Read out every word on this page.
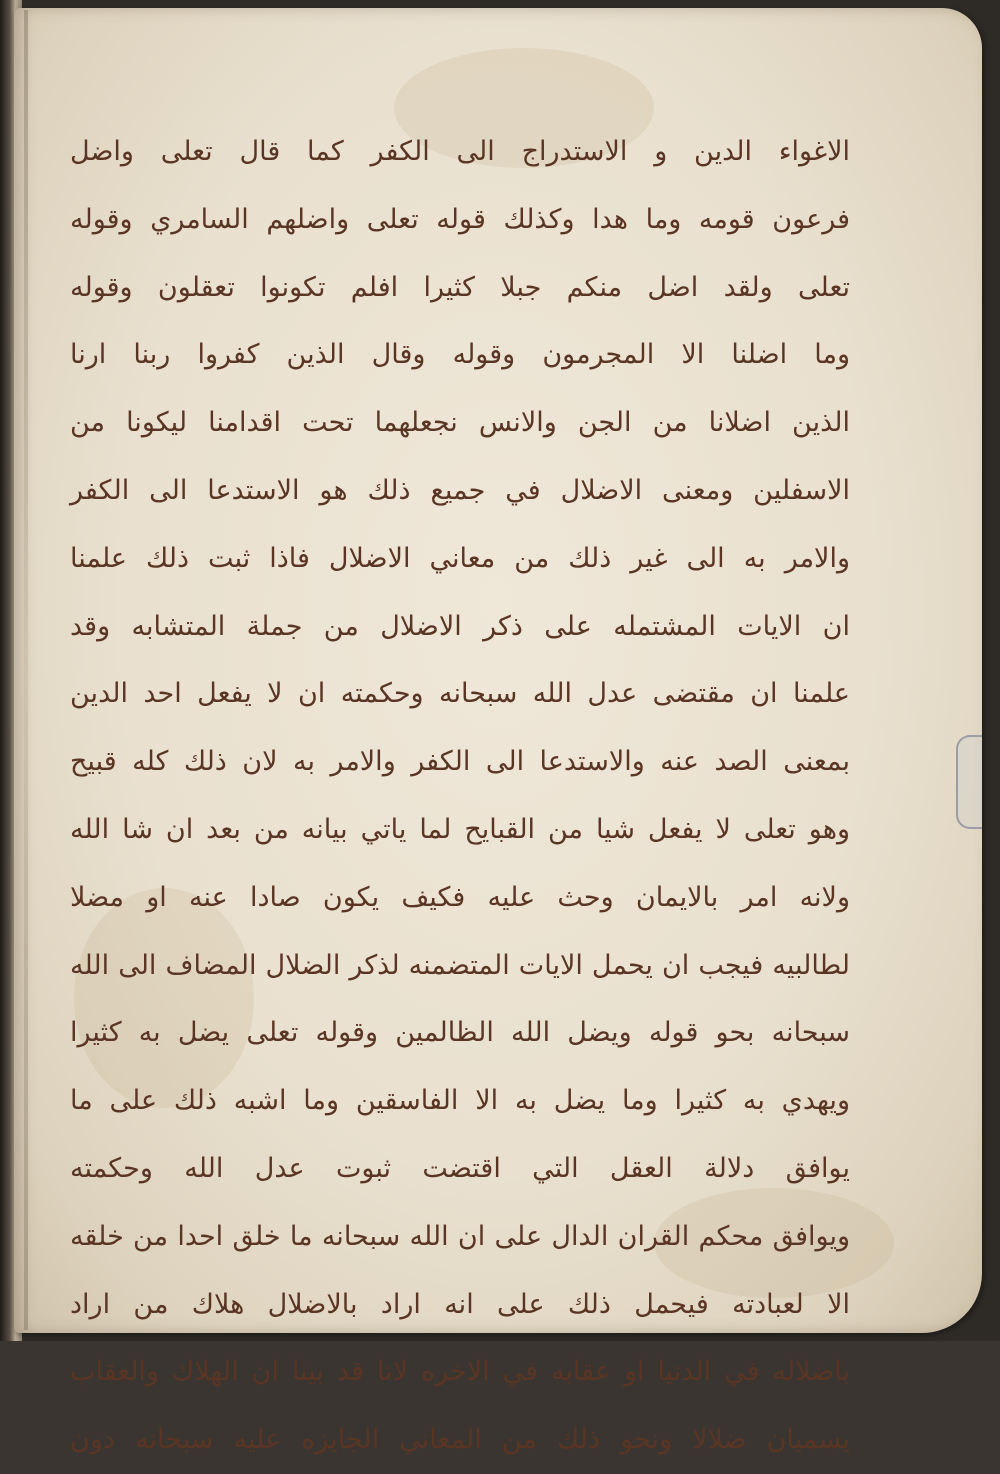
الاغواء الدين و الاستدراج الى الكفر كما قال تعلى واضل
فرعون قومه وما هدا وكذلك قوله تعلى واضلهم السامري وقوله
تعلى ولقد اضل منكم جبلا كثيرا افلم تكونوا تعقلون وقوله
وما اضلنا الا المجرمون وقوله وقال الذين كفروا ربنا ارنا
الذين اضلانا من الجن والانس نجعلهما تحت اقدامنا ليكونا من
الاسفلين ومعنى الاضلال في جميع ذلك هو الاستدعا الى الكفر
والامر به الى غير ذلك من معاني الاضلال فاذا ثبت ذلك علمنا
ان الايات المشتمله على ذكر الاضلال من جملة المتشابه وقد
علمنا ان مقتضى عدل الله سبحانه وحكمته ان لا يفعل احد الدين
بمعنى الصد عنه والاستدعا الى الكفر والامر به لان ذلك كله قبيح
وهو تعلى لا يفعل شيا من القبايح لما ياتي بيانه من بعد ان شا الله
ولانه امر بالايمان وحث عليه فكيف يكون صادا عنه او مضلا
لطالبيه فيجب ان يحمل الايات المتضمنه لذكر الضلال المضاف الى الله
سبحانه بحو قوله ويضل الله الظالمين وقوله تعلى يضل به كثيرا
ويهدي به كثيرا وما يضل به الا الفاسقين وما اشبه ذلك على ما
يوافق دلالة العقل التي اقتضت ثبوت عدل الله وحكمته
ويوافق محكم القران الدال على ان الله سبحانه ما خلق احدا من خلقه
الا لعبادته فيحمل ذلك على انه اراد بالاضلال هلاك من اراد
باضلاله في الدنيا او عقابه في الاخره لانا قد بينا ان الهلاك والعقاب
يسميان ضلالا ونحو ذلك من المعاني الجايزه عليه سبحانه دون
